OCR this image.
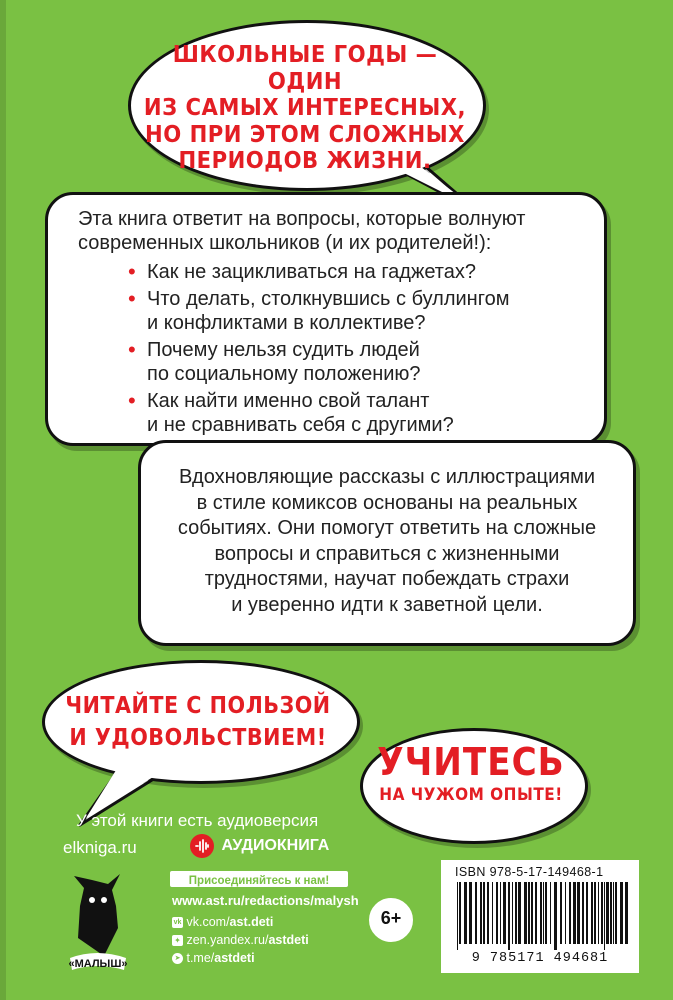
ШКОЛЬНЫЕ ГОДЫ — ОДИН
ИЗ САМЫХ ИНТЕРЕСНЫХ,
НО ПРИ ЭТОМ СЛОЖНЫХ
ПЕРИОДОВ ЖИЗНИ.
Эта книга ответит на вопросы, которые волнуют
современных школьников (и их родителей!):
• Как не зацикливаться на гаджетах?
• Что делать, столкнувшись с буллингом
и конфликтами в коллективе?
• Почему нельзя судить людей
по социальному положению?
• Как найти именно свой талант
и не сравнивать себя с другими?
Вдохновляющие рассказы с иллюстрациями
в стиле комиксов основаны на реальных
событиях. Они помогут ответить на сложные
вопросы и справиться с жизненными
трудностями, научат побеждать страхи
и уверенно идти к заветной цели.
ЧИТАЙТЕ С ПОЛЬЗОЙ
И УДОВОЛЬСТВИЕМ!
УЧИТЕСЬ
НА ЧУЖОМ ОПЫТЕ!
У этой книги есть аудиоверсия
elkniga.ru	АУДИОКНИГА
«МАЛЫШ»
Присоединяйтесь к нам!
www.ast.ru/redactions/malysh
vk vk.com/ast.deti
✦ zen.yandex.ru/astdeti
➤ t.me/astdeti
6+
ISBN 978-5-17-149468-1
9 785171 494681
